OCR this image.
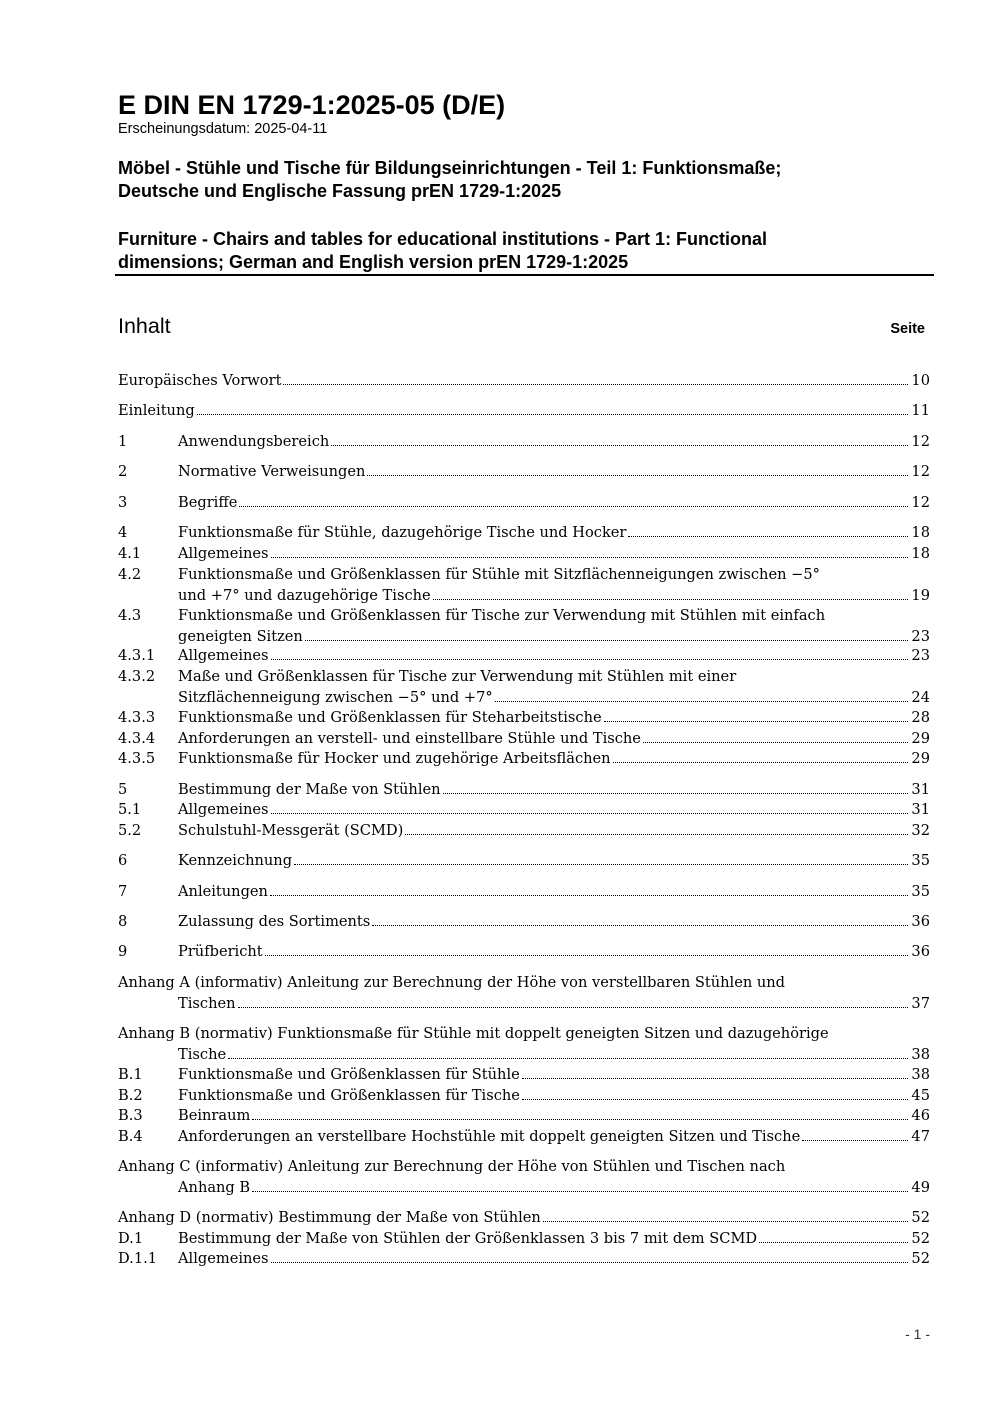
E DIN EN 1729-1:2025-05 (D/E)
Erscheinungsdatum: 2025-04-11
Möbel - Stühle und Tische für Bildungseinrichtungen - Teil 1: Funktionsmaße;
Deutsche und Englische Fassung prEN 1729-1:2025
Furniture - Chairs and tables for educational institutions - Part 1: Functional
dimensions; German and English version prEN 1729-1:2025
Inhalt	Seite
Europäisches Vorwort	10
Einleitung	11
1	Anwendungsbereich	12
2	Normative Verweisungen	12
3	Begriffe	12
4	Funktionsmaße für Stühle, dazugehörige Tische und Hocker	18
4.1	Allgemeines	18
4.2	Funktionsmaße und Größenklassen für Stühle mit Sitzflächenneigungen zwischen −5°
und +7° und dazugehörige Tische	19
4.3	Funktionsmaße und Größenklassen für Tische zur Verwendung mit Stühlen mit einfach
geneigten Sitzen	23
4.3.1	Allgemeines	23
4.3.2	Maße und Größenklassen für Tische zur Verwendung mit Stühlen mit einer
Sitzflächenneigung zwischen −5° und +7°	24
4.3.3	Funktionsmaße und Größenklassen für Steharbeitstische	28
4.3.4	Anforderungen an verstell- und einstellbare Stühle und Tische	29
4.3.5	Funktionsmaße für Hocker und zugehörige Arbeitsflächen	29
5	Bestimmung der Maße von Stühlen	31
5.1	Allgemeines	31
5.2	Schulstuhl-Messgerät (SCMD)	32
6	Kennzeichnung	35
7	Anleitungen	35
8	Zulassung des Sortiments	36
9	Prüfbericht	36
Anhang A (informativ) Anleitung zur Berechnung der Höhe von verstellbaren Stühlen und
Tischen	37
Anhang B (normativ) Funktionsmaße für Stühle mit doppelt geneigten Sitzen und dazugehörige
Tische	38
B.1	Funktionsmaße und Größenklassen für Stühle	38
B.2	Funktionsmaße und Größenklassen für Tische	45
B.3	Beinraum	46
B.4	Anforderungen an verstellbare Hochstühle mit doppelt geneigten Sitzen und Tische	47
Anhang C (informativ) Anleitung zur Berechnung der Höhe von Stühlen und Tischen nach
Anhang B	49
Anhang D (normativ) Bestimmung der Maße von Stühlen	52
D.1	Bestimmung der Maße von Stühlen der Größenklassen 3 bis 7 mit dem SCMD	52
D.1.1	Allgemeines	52
- 1 -
